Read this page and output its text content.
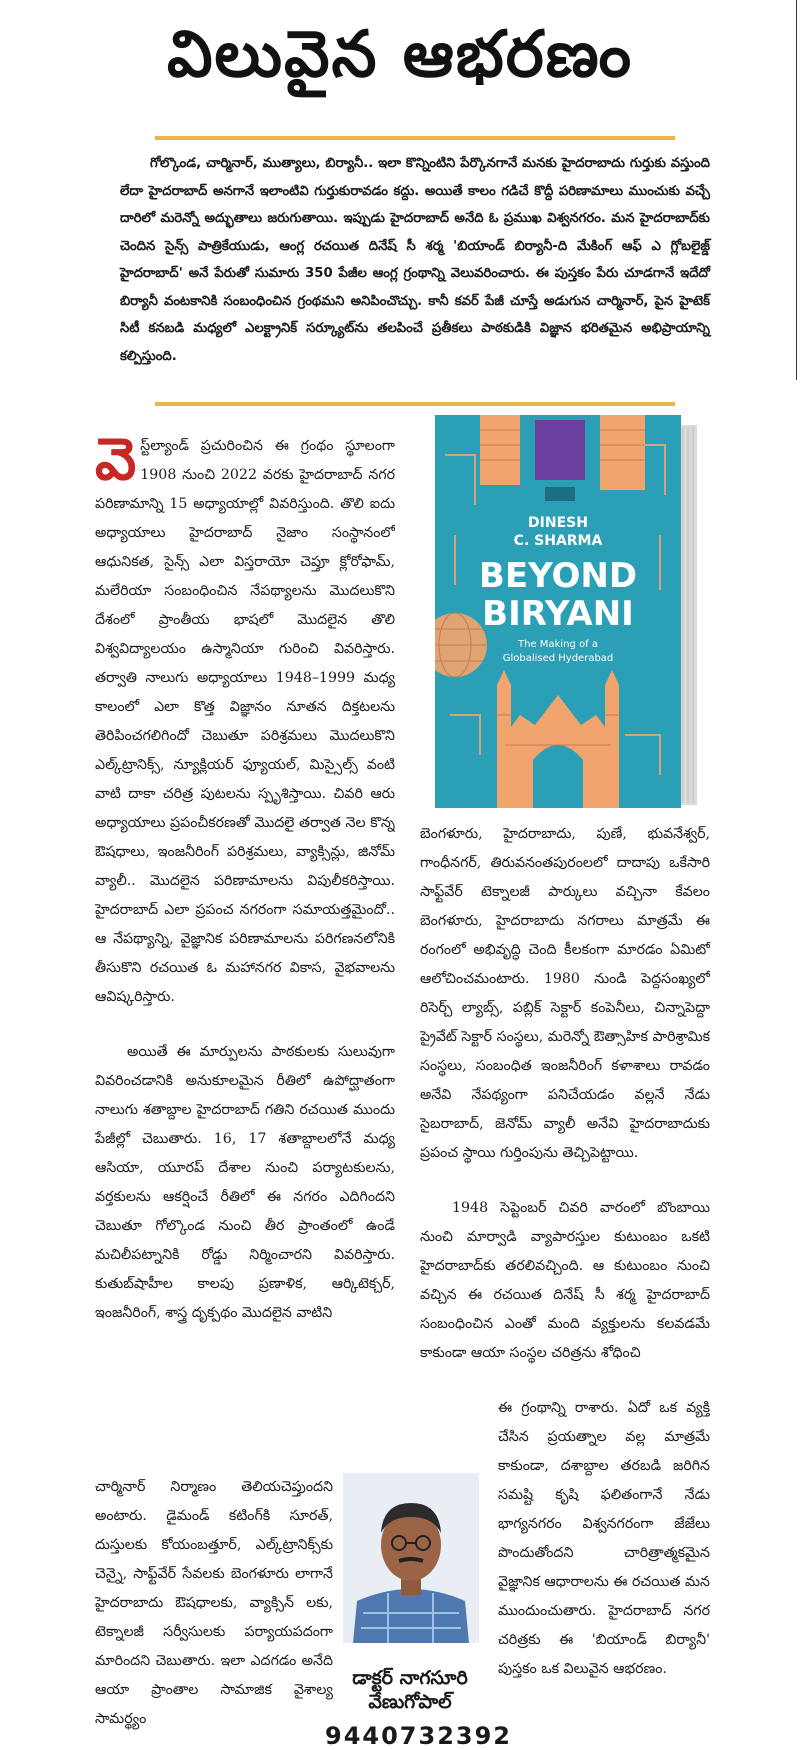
విలువైన ఆభరణం
గోల్కొండ, చార్మినార్, ముత్యాలు, బిర్యానీ.. ఇలా కొన్నింటిని పేర్కొనగానే మనకు హైదరాబాదు గుర్తుకు వస్తుంది లేదా హైదరాబాద్ అనగానే ఇలాంటివి గుర్తుకురావడం కద్దు. అయితే కాలం గడిచే కొద్దీ పరిణామాలు ముంచుకు వచ్చే దారిలో మరెన్నో అద్భుతాలు జరుగుతాయి. ఇప్పుడు హైదరాబాద్ అనేది ఓ ప్రముఖ విశ్వనగరం. మన హైదరాబాద్‌కు చెందిన సైన్స్ పాత్రికేయుడు, ఆంగ్ల రచయిత దినేష్ సీ శర్మ 'బియాండ్ బిర్యానీ-ది మేకింగ్ ఆఫ్ ఎ గ్లోబలైజ్డ్ హైదరాబాద్' అనే పేరుతో సుమారు 350 పేజీల ఆంగ్ల గ్రంథాన్ని వెలువరించారు. ఈ పుస్తకం పేరు చూడగానే ఇదేదో బిర్యానీ వంటకానికి సంబంధించిన గ్రంథమని అనిపించొచ్చు. కానీ కవర్ పేజీ చూస్తే అడుగున చార్మినార్, పైన హైటెక్ సిటీ కనబడి మధ్యలో ఎలక్ట్రానిక్ సర్క్యూట్‌ను తలపించే ప్రతీకలు పాఠకుడికి విజ్ఞాన భరితమైన అభిప్రాయాన్ని కల్పిస్తుంది.

వెస్ట్‌ల్యాండ్ ప్రచురించిన ఈ గ్రంథం స్థూలంగా 1908 నుంచి 2022 వరకు హైదరాబాద్ నగర పరిణామాన్ని 15 అధ్యాయాల్లో వివరిస్తుంది. తొలి ఐదు అధ్యాయాలు హైదరాబాద్ నైజాం సంస్థానంలో ఆధునికత, సైన్స్ ఎలా విస్తరాయో చెప్తూ క్లోరోఫామ్, మలేరియా సంబంధించిన నేపథ్యాలను మొదలుకొని దేశంలో ప్రాంతీయ భాషలో మొదలైన తొలి విశ్వవిద్యాలయం ఉస్మానియా గురించి వివరిస్తారు. తర్వాతి నాలుగు అధ్యాయాలు 1948–1999 మధ్య కాలంలో ఎలా కొత్త విజ్ఞానం నూతన దిక్తటలను తెరిపించగలిగిందో చెబుతూ పరిశ్రమలు మొదలుకొని ఎల్క్‌ట్రానిక్స్, న్యూక్లియర్ ఫ్యూయల్, మిస్సైల్స్ వంటి వాటి దాకా చరిత్ర పుటలను స్పృశిస్తాయి. చివరి ఆరు అధ్యాయాలు ప్రపంచీకరణతో మొదలై తర్వాత నెల కొన్న ఔషధాలు, ఇంజనీరింగ్ పరిశ్రమలు, వ్యాక్సిన్లు, జినోమ్ వ్యాలీ.. మొదలైన పరిణామాలను విపులీకరిస్తాయి. హైదరాబాద్ ఎలా ప్రపంచ నగరంగా సమాయత్తమైందో.. ఆ నేపథ్యాన్ని, వైజ్ఞానిక పరిణామాలను పరిగణనలోనికి తీసుకొని రచయిత ఓ మహానగర వికాస, వైభవాలను ఆవిష్కరిస్తారు.

అయితే ఈ మార్పులను పాఠకులకు సులువుగా వివరించడానికి అనుకూలమైన రీతిలో ఉపోద్ఘాతంగా నాలుగు శతాబ్దాల హైదరాబాద్ గతిని రచయిత ముందు పేజీల్లో చెబుతారు. 16, 17 శతాబ్దాలలోనే మధ్య ఆసియా, యూరప్ దేశాల నుంచి పర్యాటకులను, వర్తకులను ఆకర్షించే రీతిలో ఈ నగరం ఎదిగిందని చెబుతూ గోల్కొండ నుంచి తీర ప్రాంతంలో ఉండే మచిలీపట్నానికి రోడ్డు నిర్మించారని వివరిస్తారు. కుతుబ్‌షాహీల కాలపు ప్రణాళిక, ఆర్కిటెక్చర్, ఇంజనీరింగ్, శాస్త్ర దృక్పథం మొదలైన వాటిని

చార్మినార్ నిర్మాణం తెలియచెప్తుందని అంటారు. డైమండ్ కటింగ్‌కి సూరత్, దుస్తులకు కోయంబత్తూర్, ఎల్క్‌ట్రానిక్స్‌కు చెన్నై, సాఫ్ట్‌వేర్ సేవలకు బెంగళూరు లాగానే హైదరాబాదు ఔషధాలకు, వ్యాక్సిన్ లకు, టెక్నాలజీ సర్వీసులకు పర్యాయపదంగా మారిందని చెబుతారు. ఇలా ఎదగడం అనేది ఆయా ప్రాంతాల సామాజిక వైశాల్య సామర్థ్యం

DINESH
C. SHARMA
BEYOND
BIRYANI
The Making of a
Globalised Hyderabad

బెంగళూరు, హైదరాబాదు, పుణే, భువనేశ్వర్, గాంధీనగర్, తిరువనంతపురంలలో దాదాపు ఒకేసారి సాఫ్ట్‌వేర్ టెక్నాలజీ పార్కులు వచ్చినా కేవలం బెంగళూరు, హైదరాబాదు నగరాలు మాత్రమే ఈ రంగంలో అభివృద్ధి చెంది కీలకంగా మారడం ఏమిటో ఆలోచించమంటారు. 1980 నుండి పెద్దసంఖ్యలో రిసెర్చ్ ల్యాబ్స్, పబ్లిక్ సెక్టార్ కంపెనీలు, చిన్నాపెద్దా ప్రైవేట్ సెక్టార్ సంస్థలు, మరెన్నో ఔత్సాహిక పారిశ్రామిక సంస్థలు, సంబంధిత ఇంజనీరింగ్ కళాశాలు రావడం అనేవి నేపథ్యంగా పనిచేయడం వల్లనే నేడు సైబరాబాద్, జెనోమ్ వ్యాలీ అనేవి హైదరాబాదుకు ప్రపంచ స్థాయి గుర్తింపును తెచ్చిపెట్టాయి.

1948 సెప్టెంబర్ చివరి వారంలో బొంబాయి నుంచి మార్వాడి వ్యాపారస్తుల కుటుంబం ఒకటి హైదరాబాద్‌కు తరలివచ్చింది. ఆ కుటుంబం నుంచి వచ్చిన ఈ రచయిత దినేష్ సీ శర్మ హైదరాబాద్ సంబంధించిన ఎంతో మంది వ్యక్తులను కలవడమే కాకుండా ఆయా సంస్థల చరిత్రను శోధించి

ఈ గ్రంథాన్ని రాశారు. ఏదో ఒక వ్యక్తి చేసిన ప్రయత్నాల వల్ల మాత్రమే కాకుండా, దశాబ్దాల తరబడి జరిగిన సమష్టి కృషి ఫలితంగానే నేడు భాగ్యనగరం విశ్వనగరంగా జేజేలు పొందుతోందని చారిత్రాత్మకమైన వైజ్ఞానిక ఆధారాలను ఈ రచయిత మన ముందుంచుతారు. హైదరాబాద్ నగర చరిత్రకు ఈ 'బియాండ్ బిర్యానీ' పుస్తకం ఒక విలువైన ఆభరణం.

డాక్టర్ నాగసూరి
వేణుగోపాల్
9440732392
